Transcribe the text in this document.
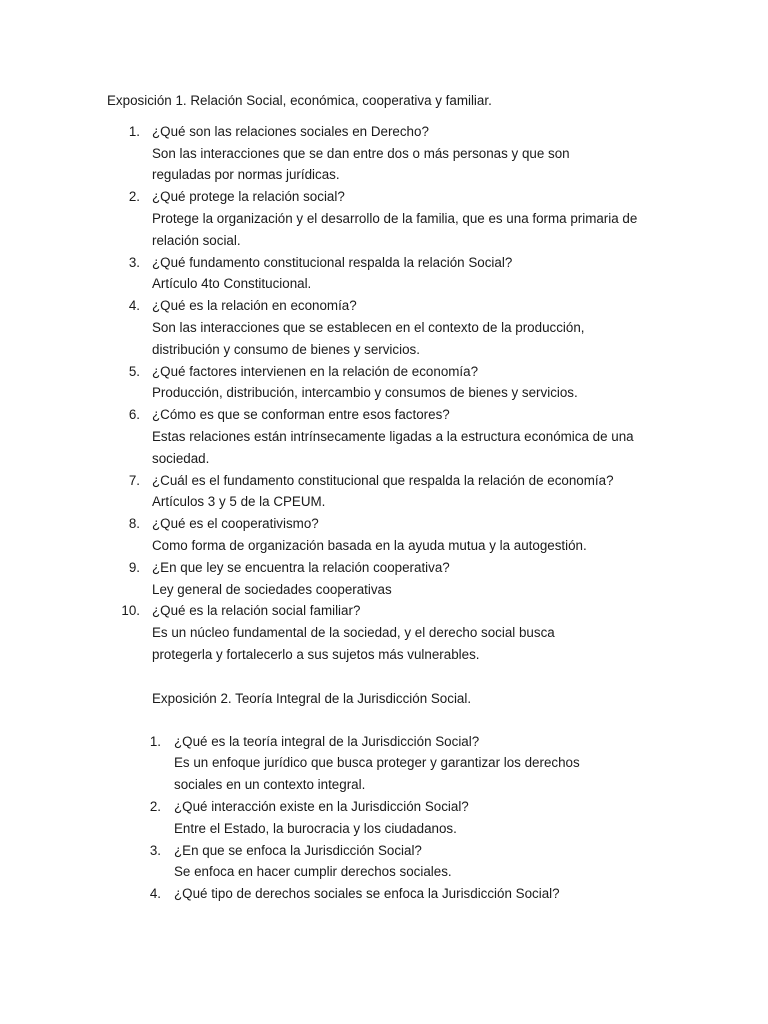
Exposición 1. Relación Social, económica, cooperativa y familiar.
1. ¿Qué son las relaciones sociales en Derecho?
Son las interacciones que se dan entre dos o más personas y que son reguladas por normas jurídicas.
2. ¿Qué protege la relación social?
Protege la organización y el desarrollo de la familia, que es una forma primaria de relación social.
3. ¿Qué fundamento constitucional respalda la relación Social?
Artículo 4to Constitucional.
4. ¿Qué es la relación en economía?
Son las interacciones que se establecen en el contexto de la producción, distribución y consumo de bienes y servicios.
5. ¿Qué factores intervienen en la relación de economía?
Producción, distribución, intercambio y consumos de bienes y servicios.
6. ¿Cómo es que se conforman entre esos factores?
Estas relaciones están intrínsecamente ligadas a la estructura económica de una sociedad.
7. ¿Cuál es el fundamento constitucional que respalda la relación de economía?
Artículos 3 y 5 de la CPEUM.
8. ¿Qué es el cooperativismo?
Como forma de organización basada en la ayuda mutua y la autogestión.
9. ¿En que ley se encuentra la relación cooperativa?
Ley general de sociedades cooperativas
10. ¿Qué es la relación social familiar?
Es un núcleo fundamental de la sociedad, y el derecho social busca protegerla y fortalecerlo a sus sujetos más vulnerables.
Exposición 2. Teoría Integral de la Jurisdicción Social.
1. ¿Qué es la teoría integral de la Jurisdicción Social?
Es un enfoque jurídico que busca proteger y garantizar los derechos sociales en un contexto integral.
2. ¿Qué interacción existe en la Jurisdicción Social?
Entre el Estado, la burocracia y los ciudadanos.
3. ¿En que se enfoca la Jurisdicción Social?
Se enfoca en hacer cumplir derechos sociales.
4. ¿Qué tipo de derechos sociales se enfoca la Jurisdicción Social?
